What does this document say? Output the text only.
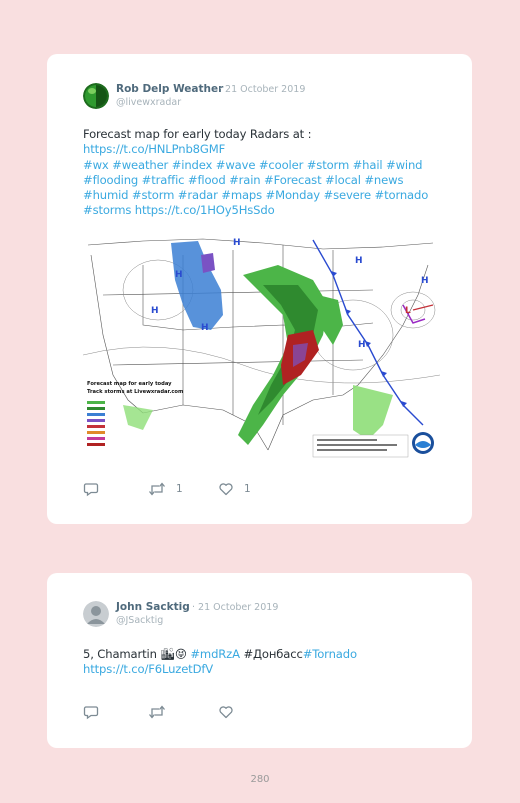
Rob Delp Weather
· 21 October 2019
@livewxradar
Forecast map for early today Radars at :
https://t.co/HNLPnb8GMF
#wx #weather #index #wave #cooler #storm #hail #wind
#flooding #traffic #flood #rain #Forecast #local #news
#humid #storm #radar #maps #Monday #severe #tornado
#storms https://t.co/1HOy5HsSdo
H
H
H
H
H
H
L
H
Forecast map for early today
Track storms at Livewxradar.com
1	1
John Sacktig · 21 October 2019
@JSacktig
5, Chamartin 🏙😝 #mdRzA #Донбасс#Tornado
https://t.co/F6LuzetDfV
280
